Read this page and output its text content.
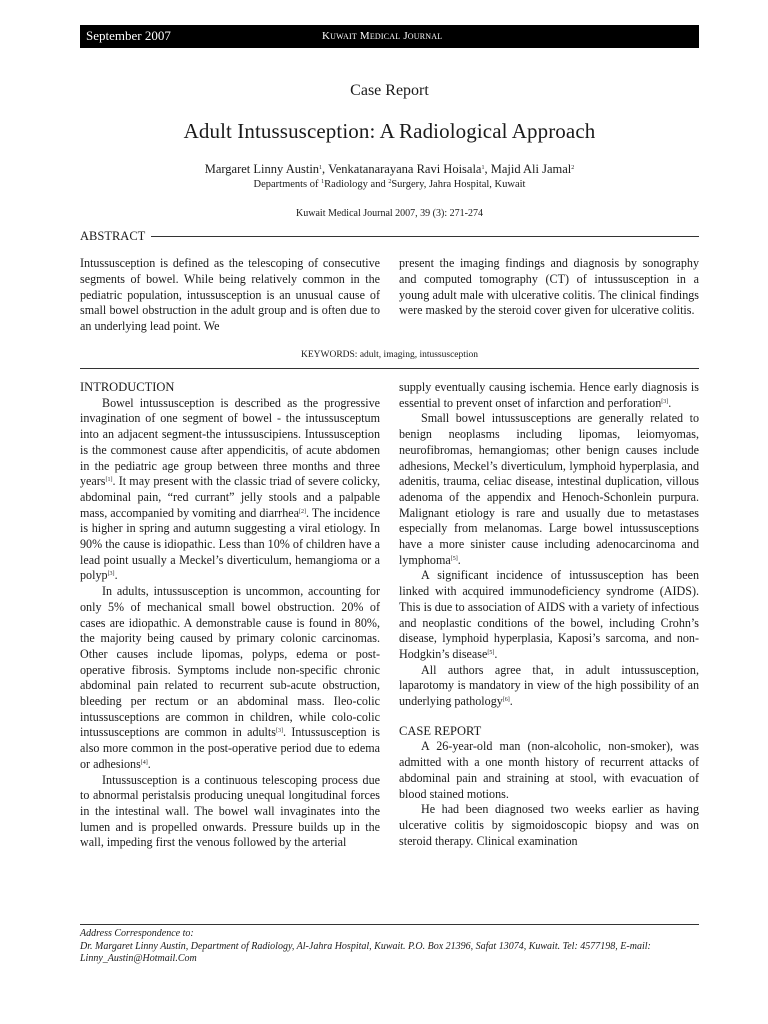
September 2007	Kuwait Medical Journal
Case Report
Adult Intussusception: A Radiological Approach
Margaret Linny Austin$^1$, Venkatanarayana Ravi Hoisala$^1$, Majid Ali Jamal$^2$
Departments of $^1$Radiology and $^2$Surgery, Jahra Hospital, Kuwait
Kuwait Medical Journal 2007, 39 (3): 271-274
ABSTRACT

Intussusception is defined as the telescoping of consecutive segments of bowel. While being relatively common in the pediatric population, intussusception is an unusual cause of small bowel obstruction in the adult group and is often due to an underlying lead point. We

present the imaging findings and diagnosis by sonography and computed tomography (CT) of intussusception in a young adult male with ulcerative colitis. The clinical findings were masked by the steroid cover given for ulcerative colitis.

KEYWORDS: adult, imaging, intussusception

INTRODUCTION

Bowel intussusception is described as the progressive invagination of one segment of bowel - the intussusceptum into an adjacent segment-the intussuscipiens. Intussusception is the commonest cause after appendicitis, of acute abdomen in the pediatric age group between three months and three years[1]. It may present with the classic triad of severe colicky, abdominal pain, “red currant” jelly stools and a palpable mass, accompanied by vomiting and diarrhea[2]. The incidence is higher in spring and autumn suggesting a viral etiology. In 90% the cause is idiopathic. Less than 10% of children have a lead point usually a Meckel’s diverticulum, hemangioma or a polyp[3].

In adults, intussusception is uncommon, accounting for only 5% of mechanical small bowel obstruction. 20% of cases are idiopathic. A demonstrable cause is found in 80%, the majority being caused by primary colonic carcinomas. Other causes include lipomas, polyps, edema or post-operative fibrosis. Symptoms include non-specific chronic abdominal pain related to recurrent sub-acute obstruction, bleeding per rectum or an abdominal mass. Ileo-colic intussusceptions are common in children, while colo-colic intussusceptions are common in adults[3]. Intussusception is also more common in the post-operative period due to edema or adhesions[4].

Intussusception is a continuous telescoping process due to abnormal peristalsis producing unequal longitudinal forces in the intestinal wall. The bowel wall invaginates into the lumen and is propelled onwards. Pressure builds up in the wall, impeding first the venous followed by the arterial

supply eventually causing ischemia. Hence early diagnosis is essential to prevent onset of infarction and perforation[3].

Small bowel intussusceptions are generally related to benign neoplasms including lipomas, leiomyomas, neurofibromas, hemangiomas; other benign causes include adhesions, Meckel’s diverticulum, lymphoid hyperplasia, and adenitis, trauma, celiac disease, intestinal duplication, villous adenoma of the appendix and Henoch-Schonlein purpura. Malignant etiology is rare and usually due to metastases especially from melanomas. Large bowel intussusceptions have a more sinister cause including adenocarcinoma and lymphoma[5].

A significant incidence of intussusception has been linked with acquired immunodeficiency syndrome (AIDS). This is due to association of AIDS with a variety of infectious and neoplastic conditions of the bowel, including Crohn’s disease, lymphoid hyperplasia, Kaposi’s sarcoma, and non-Hodgkin’s disease[5].

All authors agree that, in adult intussusception, laparotomy is mandatory in view of the high possibility of an underlying pathology[6].

CASE REPORT

A 26-year-old man (non-alcoholic, non-smoker), was admitted with a one month history of recurrent attacks of abdominal pain and straining at stool, with evacuation of blood stained motions.

He had been diagnosed two weeks earlier as having ulcerative colitis by sigmoidoscopic biopsy and was on steroid therapy. Clinical examination

Address Correspondence to:
Dr. Margaret Linny Austin, Department of Radiology, Al-Jahra Hospital, Kuwait. P.O. Box 21396, Safat 13074, Kuwait. Tel: 4577198, E-mail: Linny_Austin@Hotmail.Com
